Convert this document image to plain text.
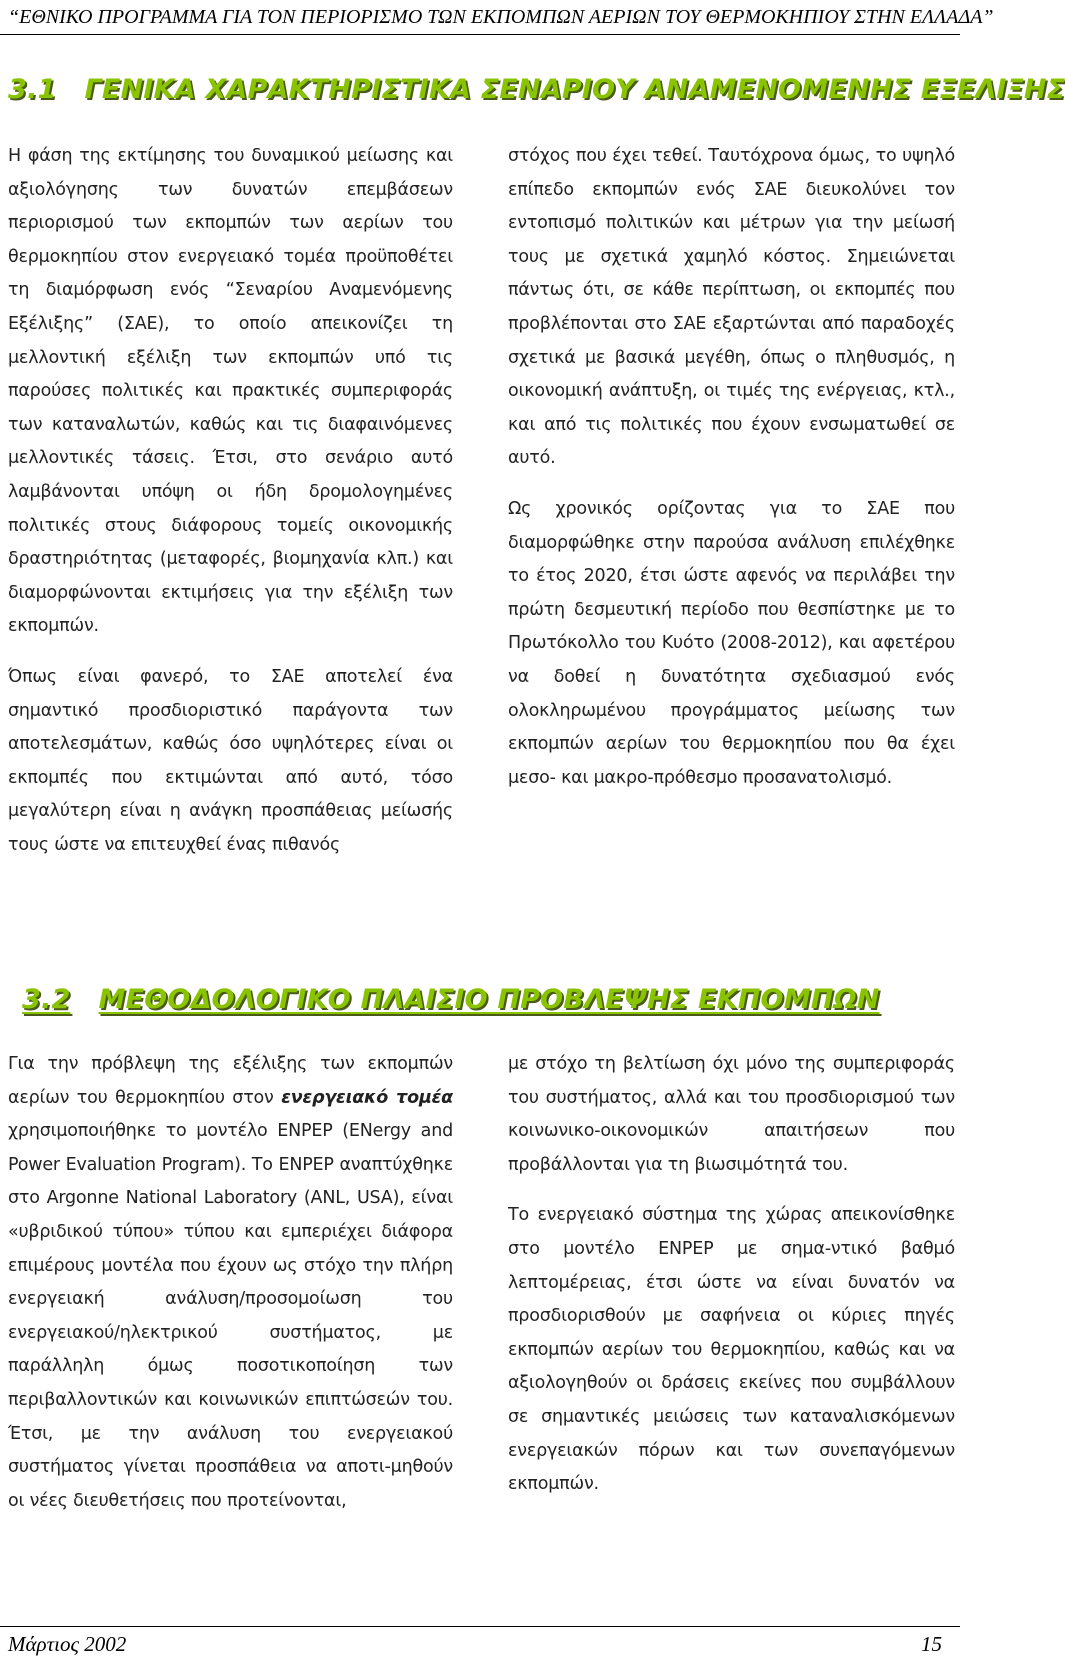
“ΕΘΝΙΚΟ ΠΡΟΓΡΑΜΜΑ ΓΙΑ ΤΟΝ ΠΕΡΙΟΡΙΣΜΟ ΤΩΝ ΕΚΠΟΜΠΩΝ ΑΕΡΙΩΝ ΤΟΥ ΘΕΡΜΟΚΗΠΙΟΥ ΣΤΗΝ ΕΛΛΑΔΑ”
3.1 ΓΕΝΙΚΑ ΧΑΡΑΚΤΗΡΙΣΤΙΚΑ ΣΕΝΑΡΙΟΥ ΑΝΑΜΕΝΟΜΕΝΗΣ ΕΞΕΛΙΞΗΣ

Η φάση της εκτίμησης του δυναμικού μείωσης και αξιολόγησης των δυνατών επεμβάσεων περιορισμού των εκπομπών των αερίων του θερμοκηπίου στον ενεργειακό τομέα προϋποθέτει τη διαμόρφωση ενός “Σεναρίου Αναμενόμενης Εξέλιξης” (ΣΑΕ), το οποίο απεικονίζει τη μελλοντική εξέλιξη των εκπομπών υπό τις παρούσες πολιτικές και πρακτικές συμπεριφοράς των καταναλωτών, καθώς και τις διαφαινόμενες μελλοντικές τάσεις. Έτσι, στο σενάριο αυτό λαμβάνονται υπόψη οι ήδη δρομολογημένες πολιτικές στους διάφορους τομείς οικονομικής δραστηριότητας (μεταφορές, βιομηχανία κλπ.) και διαμορφώνονται εκτιμήσεις για την εξέλιξη των εκπομπών.

Όπως είναι φανερό, το ΣΑΕ αποτελεί ένα σημαντικό προσδιοριστικό παράγοντα των αποτελεσμάτων, καθώς όσο υψηλότερες είναι οι εκπομπές που εκτιμώνται από αυτό, τόσο μεγαλύτερη είναι η ανάγκη προσπάθειας μείωσής τους ώστε να επιτευχθεί ένας πιθανός

στόχος που έχει τεθεί. Ταυτόχρονα όμως, το υψηλό επίπεδο εκπομπών ενός ΣΑΕ διευκολύνει τον εντοπισμό πολιτικών και μέτρων για την μείωσή τους με σχετικά χαμηλό κόστος. Σημειώνεται πάντως ότι, σε κάθε περίπτωση, οι εκπομπές που προβλέπονται στο ΣΑΕ εξαρτώνται από παραδοχές σχετικά με βασικά μεγέθη, όπως ο πληθυσμός, η οικονομική ανάπτυξη, οι τιμές της ενέργειας, κτλ., και από τις πολιτικές που έχουν ενσωματωθεί σε αυτό.

Ως χρονικός ορίζοντας για το ΣΑΕ που διαμορφώθηκε στην παρούσα ανάλυση επιλέχθηκε το έτος 2020, έτσι ώστε αφενός να περιλάβει την πρώτη δεσμευτική περίοδο που θεσπίστηκε με το Πρωτόκολλο του Κυότο (2008-2012), και αφετέρου να δοθεί η δυνατότητα σχεδιασμού ενός ολοκληρωμένου προγράμματος μείωσης των εκπομπών αερίων του θερμοκηπίου που θα έχει μεσο- και μακρο-πρόθεσμο προσανατολισμό.

3.2 ΜΕΘΟΔΟΛΟΓΙΚΟ ΠΛΑΙΣΙΟ ΠΡΟΒΛΕΨΗΣ ΕΚΠΟΜΠΩΝ

Για την πρόβλεψη της εξέλιξης των εκπομπών αερίων του θερμοκηπίου στον ενεργειακό τομέα χρησιμοποιήθηκε το μοντέλο ENPEP (ENergy and Power Evaluation Program). Το ENPEP αναπτύχθηκε στο Argonne National Laboratory (ANL, USA), είναι «υβριδικού τύπου» τύπου και εμπεριέχει διάφορα επιμέρους μοντέλα που έχουν ως στόχο την πλήρη ενεργειακή ανάλυση/προσομοίωση του ενεργειακού/ηλεκτρικού συστήματος, με παράλληλη όμως ποσοτικοποίηση των περιβαλλοντικών και κοινωνικών επιπτώσεών του. Έτσι, με την ανάλυση του ενεργειακού συστήματος γίνεται προσπάθεια να αποτι-μηθούν οι νέες διευθετήσεις που προτείνονται,

με στόχο τη βελτίωση όχι μόνο της συμπεριφοράς του συστήματος, αλλά και του προσδιορισμού των κοινωνικο-οικονομικών απαιτήσεων που προβάλλονται για τη βιωσιμότητά του.

Το ενεργειακό σύστημα της χώρας απεικονίσθηκε στο μοντέλο ENPEP με σημα-ντικό βαθμό λεπτομέρειας, έτσι ώστε να είναι δυνατόν να προσδιορισθούν με σαφήνεια οι κύριες πηγές εκπομπών αερίων του θερμοκηπίου, καθώς και να αξιολογηθούν οι δράσεις εκείνες που συμβάλλουν σε σημαντικές μειώσεις των καταναλισκόμενων ενεργειακών πόρων και των συνεπαγόμενων εκπομπών.

Μάρτιος 2002	15
